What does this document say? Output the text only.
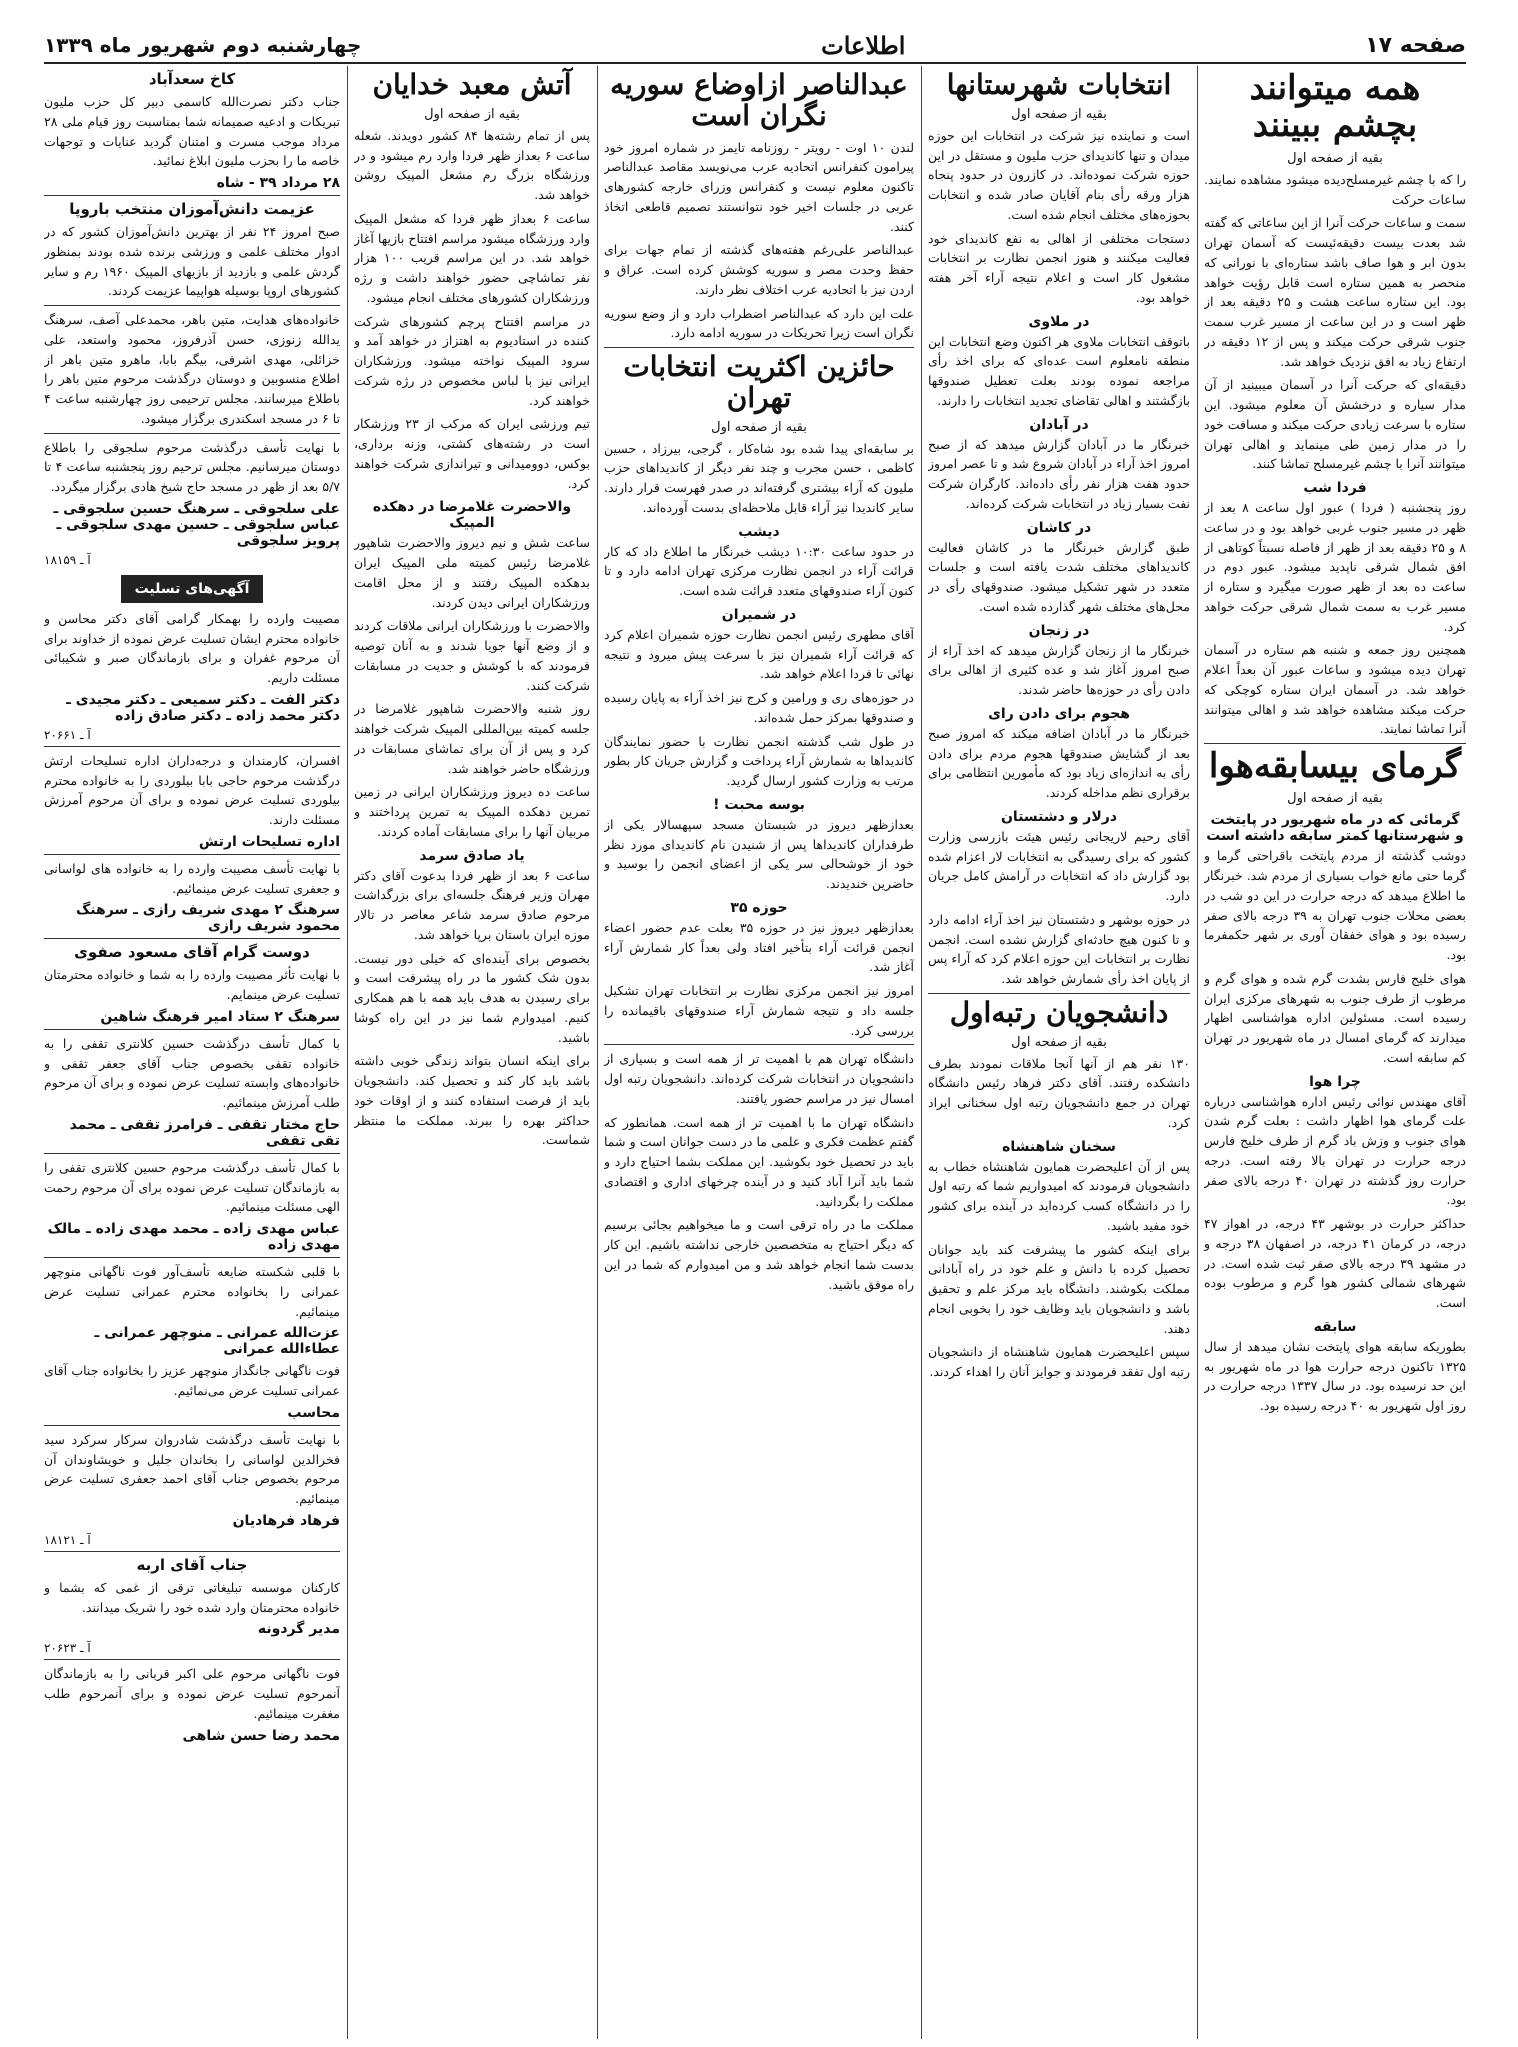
صفحه ۱۷
اطلاعات
چهارشنبه دوم شهریور ماه ۱۳۳۹
همه میتوانند بچشم ببینند
بقیه از صفحه اول

را که با چشم غیرمسلح‌دیده میشود مشاهده نمایند. ساعات حرکت

سمت و ساعات حرکت آنرا از این ساعاتی که گفته شد بعدت بیست دقیقه‌ئیست که آسمان تهران بدون ابر و هوا صاف باشد ستاره‌ای با نورانی که منحصر به همین ستاره است قابل رؤیت خواهد بود. این ستاره ساعت هشت و ۲۵ دقیقه بعد از ظهر است و در این ساعت از مسیر غرب سمت جنوب شرقی حرکت میکند و پس از ۱۲ دقیقه در ارتفاع زیاد به افق نزدیک خواهد شد.

دقیقه‌ای که حرکت آنرا در آسمان میبینید از آن مدار سیاره و درخشش آن معلوم میشود. این ستاره با سرعت زیادی حرکت میکند و مسافت خود را در مدار زمین طی مینماید و اهالی تهران میتوانند آنرا با چشم غیرمسلح تماشا کنند.

فردا شب

روز پنجشنبه ( فردا ) عبور اول ساعت ۸ بعد از ظهر در مسیر جنوب غربی خواهد بود و در ساعت ۸ و ۲۵ دقیقه بعد از ظهر از فاصله نسبتاً کوتاهی از افق شمال شرقی ناپدید میشود. عبور دوم در ساعت ده بعد از ظهر صورت میگیرد و ستاره از مسیر غرب به سمت شمال شرقی حرکت خواهد کرد.

همچنین روز جمعه و شنبه هم ستاره در آسمان تهران دیده میشود و ساعات عبور آن بعداً اعلام خواهد شد. در آسمان ایران ستاره کوچکی که حرکت میکند مشاهده خواهد شد و اهالی میتوانند آنرا تماشا نمایند.

گرمای بیسابقه‌هوا
بقیه از صفحه اول
گرمائی که در ماه شهریور در پایتخت و شهرستانها کمتر سابقه داشته است

دوشب گذشته از مردم پایتخت باقراحتی گرما و گرما حتی مانع خواب بسیاری از مردم شد. خبرنگار ما اطلاع میدهد که درجه حرارت در این دو شب در بعضی محلات جنوب تهران به ۳۹ درجه بالای صفر رسیده بود و هوای خفقان آوری بر شهر حکمفرما بود.

هوای خلیج فارس بشدت گرم شده و هوای گرم و مرطوب از طرف جنوب به شهرهای مرکزی ایران رسیده است. مسئولین اداره هواشناسی اظهار میدارند که گرمای امسال در ماه شهریور در تهران کم سابقه است.

چرا هوا

آقای مهندس نوائی رئیس اداره هواشناسی درباره علت گرمای هوا اظهار داشت : بعلت گرم شدن هوای جنوب و وزش باد گرم از طرف خلیج فارس درجه حرارت در تهران بالا رفته است. درجه حرارت روز گذشته در تهران ۴۰ درجه بالای صفر بود.

حداکثر حرارت در بوشهر ۴۳ درجه، در اهواز ۴۷ درجه، در کرمان ۴۱ درجه، در اصفهان ۳۸ درجه و در مشهد ۳۹ درجه بالای صفر ثبت شده است. در شهرهای شمالی کشور هوا گرم و مرطوب بوده است.

سابقه

بطوریکه سابقه هوای پایتخت نشان میدهد از سال ۱۳۲۵ تاکنون درجه حرارت هوا در ماه شهریور به این حد نرسیده بود. در سال ۱۳۳۷ درجه حرارت در روز اول شهریور به ۴۰ درجه رسیده بود.

انتخابات شهرستانها
بقیه از صفحه اول

است و نماینده نیز شرکت در انتخابات این حوزه میدان و تنها کاندیدای حزب ملیون و مستقل در این حوزه شرکت نموده‌اند. در کازرون در حدود پنجاه هزار ورقه رأی بنام آقایان صادر شده و انتخابات بحوزه‌های مختلف انجام شده است.

دستجات مختلفی از اهالی به نفع کاندیدای خود فعالیت میکنند و هنوز انجمن نظارت بر انتخابات مشغول کار است و اعلام نتیجه آراء آخر هفته خواهد بود.

در ملاوی

باتوقف انتخابات ملاوی هر اکنون وضع انتخابات این منطقه نامعلوم است عده‌ای که برای اخذ رأی مراجعه نموده بودند بعلت تعطیل صندوقها بازگشتند و اهالی تقاضای تجدید انتخابات را دارند.

در آبادان

خبرنگار ما در آبادان گزارش میدهد که از صبح امروز اخذ آراء در آبادان شروع شد و تا عصر امروز حدود هفت هزار نفر رأی داده‌اند. کارگران شرکت نفت بسیار زیاد در انتخابات شرکت کرده‌اند.

در کاشان

طبق گزارش خبرنگار ما در کاشان فعالیت کاندیداهای مختلف شدت یافته است و جلسات متعدد در شهر تشکیل میشود. صندوقهای رأی در محل‌های مختلف شهر گذارده شده است.

در زنجان

خبرنگار ما از زنجان گزارش میدهد که اخذ آراء از صبح امروز آغاز شد و عده کثیری از اهالی برای دادن رأی در حوزه‌ها حاضر شدند.

هجوم برای دادن رای

خبرنگار ما در آبادان اضافه میکند که امروز صبح بعد از گشایش صندوقها هجوم مردم برای دادن رأی به اندازه‌ای زیاد بود که مأمورین انتظامی برای برقراری نظم مداخله کردند.

درلار و دشتستان

آقای رحیم لاریجانی رئیس هیئت بازرسی وزارت کشور که برای رسیدگی به انتخابات لار اعزام شده بود گزارش داد که انتخابات در آرامش کامل جریان دارد.

در حوزه بوشهر و دشتستان نیز اخذ آراء ادامه دارد و تا کنون هیچ حادثه‌ای گزارش نشده است. انجمن نظارت بر انتخابات این حوزه اعلام کرد که آراء پس از پایان اخذ رأی شمارش خواهد شد.

دانشجویان رتبه‌اول
بقیه از صفحه اول

۱۳۰ نفر هم از آنها آنجا ملاقات نمودند بطرف دانشکده رفتند. آقای دکتر فرهاد رئیس دانشگاه تهران در جمع دانشجویان رتبه اول سخنانی ایراد کرد.

سخنان شاهنشاه

پس از آن اعلیحضرت همایون شاهنشاه خطاب به دانشجویان فرمودند که امیدواریم شما که رتبه اول را در دانشگاه کسب کرده‌اید در آینده برای کشور خود مفید باشید.

برای اینکه کشور ما پیشرفت کند باید جوانان تحصیل کرده با دانش و علم خود در راه آبادانی مملکت بکوشند. دانشگاه باید مرکز علم و تحقیق باشد و دانشجویان باید وظایف خود را بخوبی انجام دهند.

سپس اعلیحضرت همایون شاهنشاه از دانشجویان رتبه اول تفقد فرمودند و جوایز آنان را اهداء کردند.

عبدالناصر ازاوضاع سوریه نگران است

لندن ۱۰ اوت - رویتر - روزنامه تایمز در شماره امروز خود پیرامون کنفرانس اتحادیه عرب می‌نویسد مقاصد عبدالناصر تاکنون معلوم نیست و کنفرانس وزرای خارجه کشورهای عربی در جلسات اخیر خود نتوانستند تصمیم قاطعی اتخاذ کنند.

عبدالناصر علی‌رغم هفته‌های گذشته از تمام جهات برای حفظ وحدت مصر و سوریه کوشش کرده است. عراق و اردن نیز با اتحادیه عرب اختلاف نظر دارند.

علت این دارد که عبدالناصر اضطراب دارد و از وضع سوریه نگران است زیرا تحریکات در سوریه ادامه دارد.

حائزین اکثریت انتخابات تهران
بقیه از صفحه اول

بر سابقه‌ای پیدا شده بود شاه‌کار ، گرجی، بیرزاد ، حسین کاظمی ، حسن مجرب و چند نفر دیگر از کاندیداهای حزب ملیون که آراء بیشتری گرفته‌اند در صدر فهرست قرار دارند. سایر کاندیدا نیز آراء قابل ملاحظه‌ای بدست آورده‌اند.

دیشب

در حدود ساعت ۱۰:۳۰ دیشب خبرنگار ما اطلاع داد که کار قرائت آراء در انجمن نظارت مرکزی تهران ادامه دارد و تا کنون آراء صندوقهای متعدد قرائت شده است.

در شمیران

آقای مطهری رئیس انجمن نظارت حوزه شمیران اعلام کرد که قرائت آراء شمیران نیز با سرعت پیش میرود و نتیجه نهائی تا فردا اعلام خواهد شد.

در حوزه‌های ری و ورامین و کرج نیز اخذ آراء به پایان رسیده و صندوقها بمرکز حمل شده‌اند.

در طول شب گذشته انجمن نظارت با حضور نمایندگان کاندیداها به شمارش آراء پرداخت و گزارش جریان کار بطور مرتب به وزارت کشور ارسال گردید.

بوسه محبت !

بعدازظهر دیروز در شبستان مسجد سپهسالار یکی از طرفداران کاندیداها پس از شنیدن نام کاندیدای مورد نظر خود از خوشحالی سر یکی از اعضای انجمن را بوسید و حاضرین خندیدند.

حوزه ۳۵

بعدازظهر دیروز نیز در حوزه ۳۵ بعلت عدم حضور اعضاء انجمن قرائت آراء بتأخیر افتاد ولی بعداً کار شمارش آراء آغاز شد.

امروز نیز انجمن مرکزی نظارت بر انتخابات تهران تشکیل جلسه داد و نتیجه شمارش آراء صندوقهای باقیمانده را بررسی کرد.

دانشگاه تهران هم با اهمیت تر از همه است و بسیاری از دانشجویان در انتخابات شرکت کرده‌اند. دانشجویان رتبه اول امسال نیز در مراسم حضور یافتند.

دانشگاه تهران ما با اهمیت تر از همه است. همانطور که گفتم عظمت فکری و علمی ما در دست جوانان است و شما باید در تحصیل خود بکوشید. این مملکت بشما احتیاج دارد و شما باید آنرا آباد کنید و در آینده چرخهای اداری و اقتصادی مملکت را بگردانید.

مملکت ما در راه ترقی است و ما میخواهیم بجائی برسیم که دیگر احتیاج به متخصصین خارجی نداشته باشیم. این کار بدست شما انجام خواهد شد و من امیدوارم که شما در این راه موفق باشید.

آتش معبد خدایان
بقیه از صفحه اول

پس از تمام رشته‌ها ۸۴ کشور دویدند. شعله ساعت ۶ بعداز ظهر فردا وارد رم میشود و در ورزشگاه بزرگ رم مشعل المپیک روشن خواهد شد.

ساعت ۶ بعداز ظهر فردا که مشعل المپیک وارد ورزشگاه میشود مراسم افتتاح بازیها آغاز خواهد شد. در این مراسم قریب ۱۰۰ هزار نفر تماشاچی حضور خواهند داشت و رژه ورزشکاران کشورهای مختلف انجام میشود.

در مراسم افتتاح پرچم کشورهای شرکت کننده در استادیوم به اهتزاز در خواهد آمد و سرود المپیک نواخته میشود. ورزشکاران ایرانی نیز با لباس مخصوص در رژه شرکت خواهند کرد.

تیم ورزشی ایران که مرکب از ۲۳ ورزشکار است در رشته‌های کشتی، وزنه برداری، بوکس، دوومیدانی و تیراندازی شرکت خواهند کرد.

والاحضرت غلامرضا در دهکده المپیک

ساعت شش و نیم دیروز والاحضرت شاهپور غلامرضا رئیس کمیته ملی المپیک ایران بدهکده المپیک رفتند و از محل اقامت ورزشکاران ایرانی دیدن کردند.

والاحضرت با ورزشکاران ایرانی ملاقات کردند و از وضع آنها جویا شدند و به آنان توصیه فرمودند که با کوشش و جدیت در مسابقات شرکت کنند.

روز شنبه والاحضرت شاهپور غلامرضا در جلسه کمیته بین‌المللی المپیک شرکت خواهند کرد و پس از آن برای تماشای مسابقات در ورزشگاه حاضر خواهند شد.

ساعت ده دیروز ورزشکاران ایرانی در زمین تمرین دهکده المپیک به تمرین پرداختند و مربیان آنها را برای مسابقات آماده کردند.

یاد صادق سرمد

ساعت ۶ بعد از ظهر فردا بدعوت آقای دکتر مهران وزیر فرهنگ جلسه‌ای برای بزرگداشت مرحوم صادق سرمد شاعر معاصر در تالار موزه ایران باستان برپا خواهد شد.

بخصوص برای آینده‌ای که خیلی دور نیست. بدون شک کشور ما در راه پیشرفت است و برای رسیدن به هدف باید همه با هم همکاری کنیم. امیدوارم شما نیز در این راه کوشا باشید.

برای اینکه انسان بتواند زندگی خوبی داشته باشد باید کار کند و تحصیل کند. دانشجویان باید از فرصت استفاده کنند و از اوقات خود حداکثر بهره را ببرند. مملکت ما منتظر شماست.

کاخ سعدآباد

جناب دکتر نصرت‌الله کاسمی دبیر کل حزب ملیون تبریکات و ادعیه صمیمانه شما بمناسبت روز قیام ملی ۲۸ مرداد موجب مسرت و امتنان گردید عنایات و توجهات خاصه ما را بحزب ملیون ابلاغ نمائید.

۲۸ مرداد ۳۹ - شاه
عزیمت دانش‌آموزان منتخب باروپا

صبح امروز ۲۴ نفر از بهترین دانش‌آموزان کشور که در ادوار مختلف علمی و ورزشی برنده شده بودند بمنظور گردش علمی و بازدید از بازیهای المپیک ۱۹۶۰ رم و سایر کشورهای اروپا بوسیله هواپیما عزیمت کردند.

خانواده‌های هدایت، متین باهر، محمدعلی آصف، سرهنگ یدالله زنوزی، حسن آذرفروز، محمود واستعد، علی خزائلی، مهدی اشرفی، بیگم بابا، ماهرو متین باهر از اطلاع منسوبین و دوستان درگذشت مرحوم متین باهر را باطلاع میرسانند. مجلس ترحیمی روز چهارشنبه ساعت ۴ تا ۶ در مسجد اسکندری برگزار میشود.

با نهایت تأسف درگذشت مرحوم سلجوقی را باطلاع دوستان میرسانیم. مجلس ترحیم روز پنجشنبه ساعت ۴ تا ۵/۷ بعد از ظهر در مسجد حاج شیخ هادی برگزار میگردد.

علی سلجوقی ـ سرهنگ حسین سلجوقی ـ عباس سلجوقی ـ حسین مهدی سلجوقی ـ پرویز سلجوقی
آ ـ ۱۸۱۵۹
آگهی‌های تسلیت

مصیبت وارده را بهمکار گرامی آقای دکتر محاسن و خانواده محترم ایشان تسلیت عرض نموده از خداوند برای آن مرحوم غفران و برای بازماندگان صبر و شکیبائی مسئلت داریم.

دکتر الفت ـ دکتر سمیعی ـ دکتر مجیدی ـ دکتر محمد زاده ـ دکتر صادق زاده
آ ـ ۲۰۶۶۱

افسران، کارمندان و درجه‌داران اداره تسلیحات ارتش درگذشت مرحوم حاجی بابا بیلوردی را به خانواده محترم بیلوردی تسلیت عرض نموده و برای آن مرحوم آمرزش مسئلت دارند.

اداره تسلیحات ارتش

با نهایت تأسف مصیبت وارده را به خانواده های لواسانی و جعفری تسلیت عرض مینمائیم.

سرهنگ ۲ مهدی شریف رازی ـ سرهنگ محمود شریف رازی
دوست گرام آقای مسعود صفوی

با نهایت تأثر مصیبت وارده را به شما و خانواده محترمتان تسلیت عرض مینمایم.

سرهنگ ۲ ستاد امیر فرهنگ شاهین

با کمال تأسف درگذشت حسین کلانتری تقفی را به خانواده تقفی بخصوص جناب آقای جعفر تقفی و خانواده‌های وابسته تسلیت عرض نموده و برای آن مرحوم طلب آمرزش مینمائیم.

حاج مختار تقفی ـ فرامرز تقفی ـ محمد تقی تقفی

با کمال تأسف درگذشت مرحوم حسین کلانتری تقفی را به بازماندگان تسلیت عرض نموده برای آن مرحوم رحمت الهی مسئلت مینمائیم.

عباس مهدی زاده ـ محمد مهدی زاده ـ مالک مهدی زاده

با قلبی شکسته ضایعه تأسف‌آور فوت ناگهانی منوچهر عمرانی را بخانواده محترم عمرانی تسلیت عرض مینمائیم.

عزت‌الله عمرانی ـ منوچهر عمرانی ـ عطاءالله عمرانی

فوت ناگهانی جانگداز منوچهر عزیز را بخانواده جناب آقای عمرانی تسلیت عرض می‌نمائیم.

محاسب

با نهایت تأسف درگذشت شادروان سرکار سرکرد سید فخرالدین لواسانی را بخاندان جلیل و خویشاوندان آن مرحوم بخصوص جناب آقای احمد جعفری تسلیت عرض مینمائیم.

فرهاد فرهادیان
آ ـ ۱۸۱۲۱
جناب آقای اربه

کارکنان موسسه تبلیغاتی ترقی از غمی که بشما و خانواده محترمتان وارد شده خود را شریک میدانند.

مدیر گردونه
آ ـ ۲۰۶۲۳

فوت ناگهانی مرحوم علی اکبر قربانی را به بازماندگان آنمرحوم تسلیت عرض نموده و برای آنمرحوم طلب مغفرت مینمائیم.

محمد رضا حسن شاهی
